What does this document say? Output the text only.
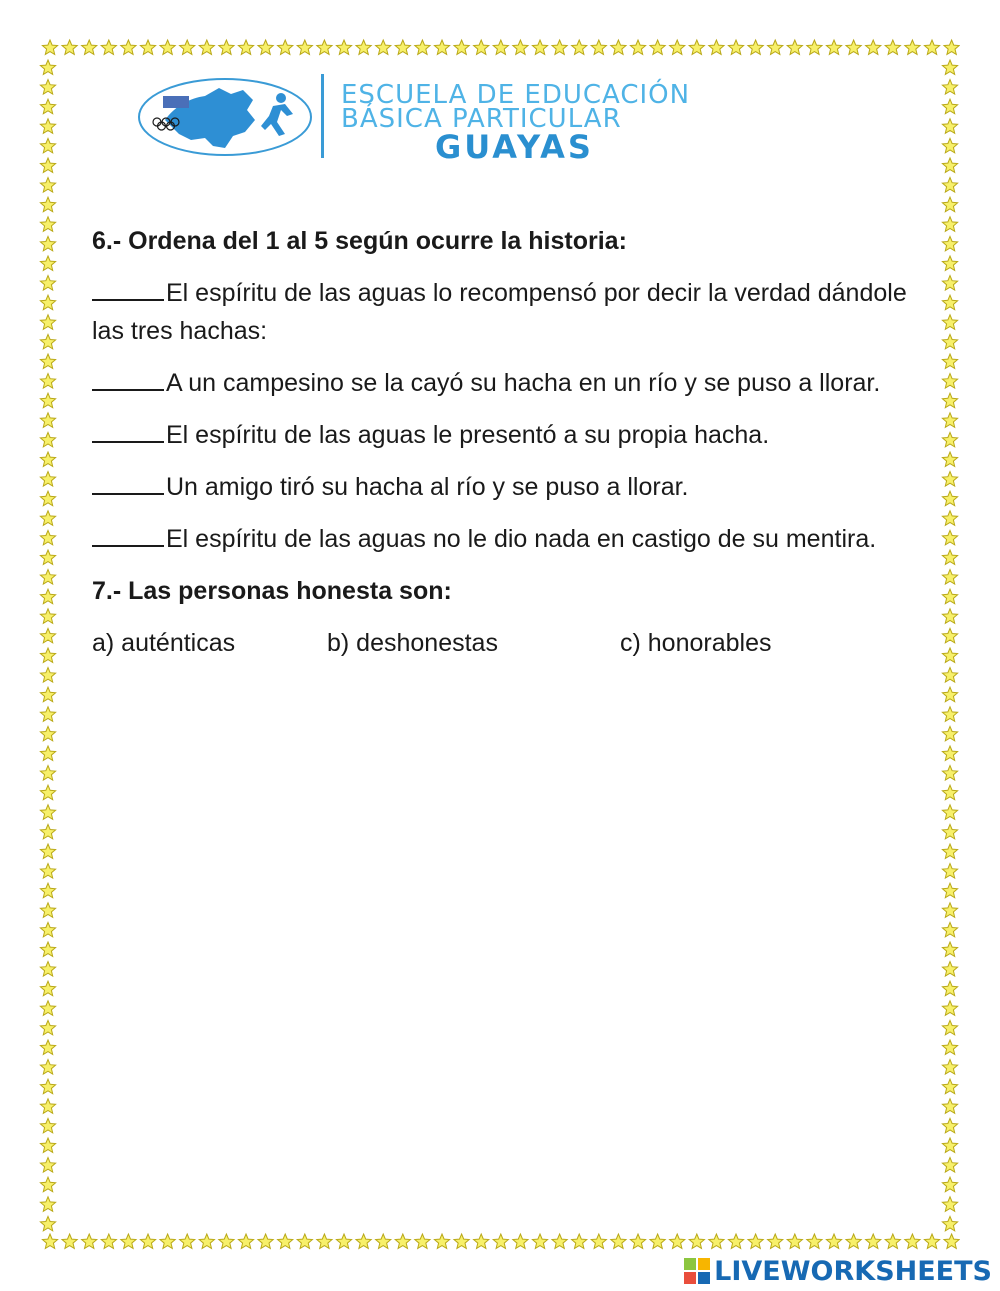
ESCUELA DE EDUCACIÓN
BÁSICA PARTICULAR
GUAYAS
6.- Ordena del 1 al 5 según ocurre la historia:
El espíritu de las aguas lo recompensó por decir la verdad dándole las tres hachas:
A un campesino se la cayó su hacha en un río y se puso a llorar.
El espíritu de las aguas le presentó a su propia hacha.
Un amigo tiró su hacha al río y se puso a llorar.
El espíritu de las aguas no le dio nada en castigo de su mentira.
7.- Las personas honesta son:
a) auténticas	b) deshonestas	c) honorables
LIVEWORKSHEETS
